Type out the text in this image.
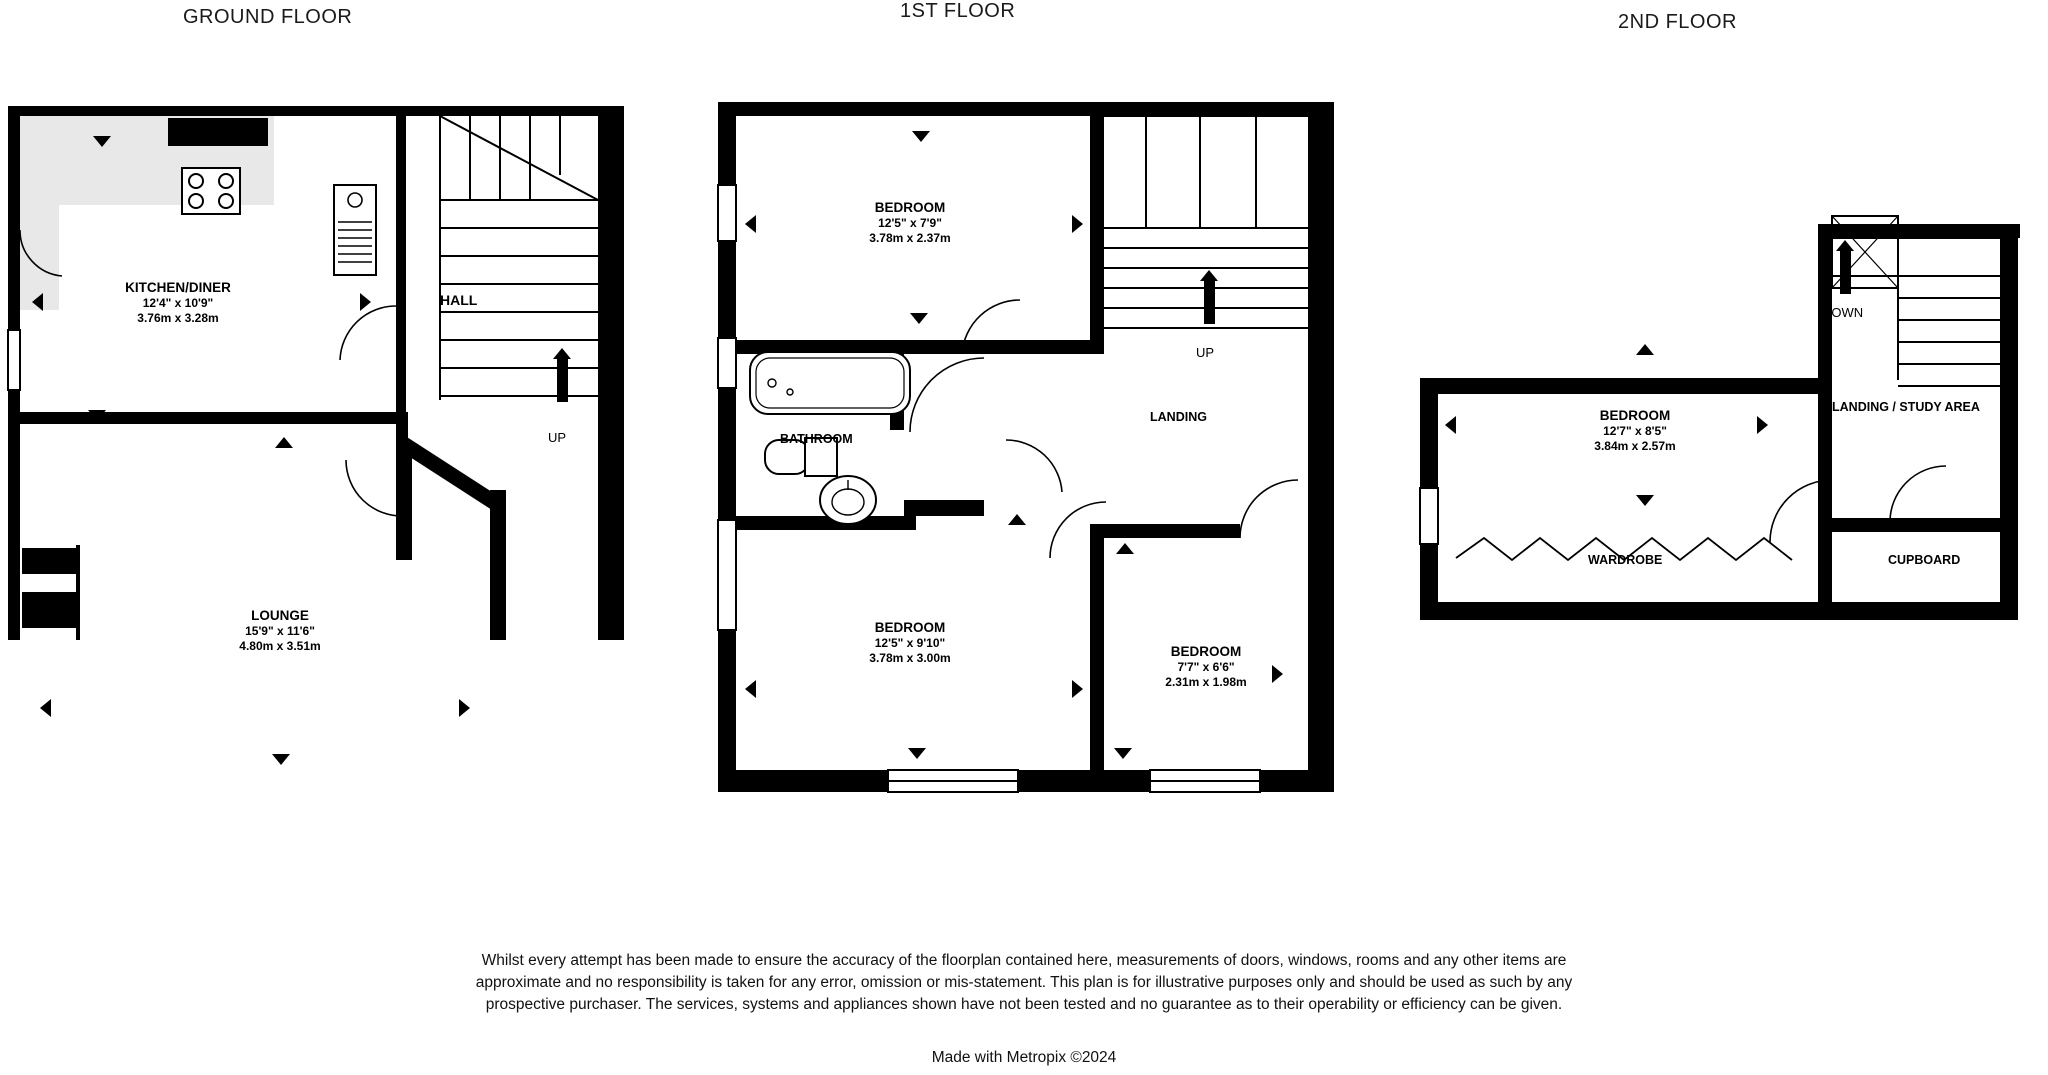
GROUND FLOOR
KITCHEN/DINER
12'4" x 10'9"
3.76m x 3.28m
LOUNGE
15'9" x 11'6"
4.80m x 3.51m
HALL
UP
1ST FLOOR
BEDROOM
12'5" x 7'9"
3.78m x 2.37m
BEDROOM
12'5" x 9'10"
3.78m x 3.00m	BEDROOM
7'7" x 6'6"
2.31m x 1.98m
BATHROOM
LANDING
UP
2ND FLOOR
BEDROOM
12'7" x 8'5"
3.84m x 2.57m
LANDING / STUDY AREA
WARDROBE	CUPBOARD
DOWN
Whilst every attempt has been made to ensure the accuracy of the floorplan contained here, measurements of doors, windows, rooms and any other items are approximate and no responsibility is taken for any error, omission or mis-statement. This plan is for illustrative purposes only and should be used as such by any prospective purchaser. The services, systems and appliances shown have not been tested and no guarantee as to their operability or efficiency can be given.
Made with Metropix ©2024
